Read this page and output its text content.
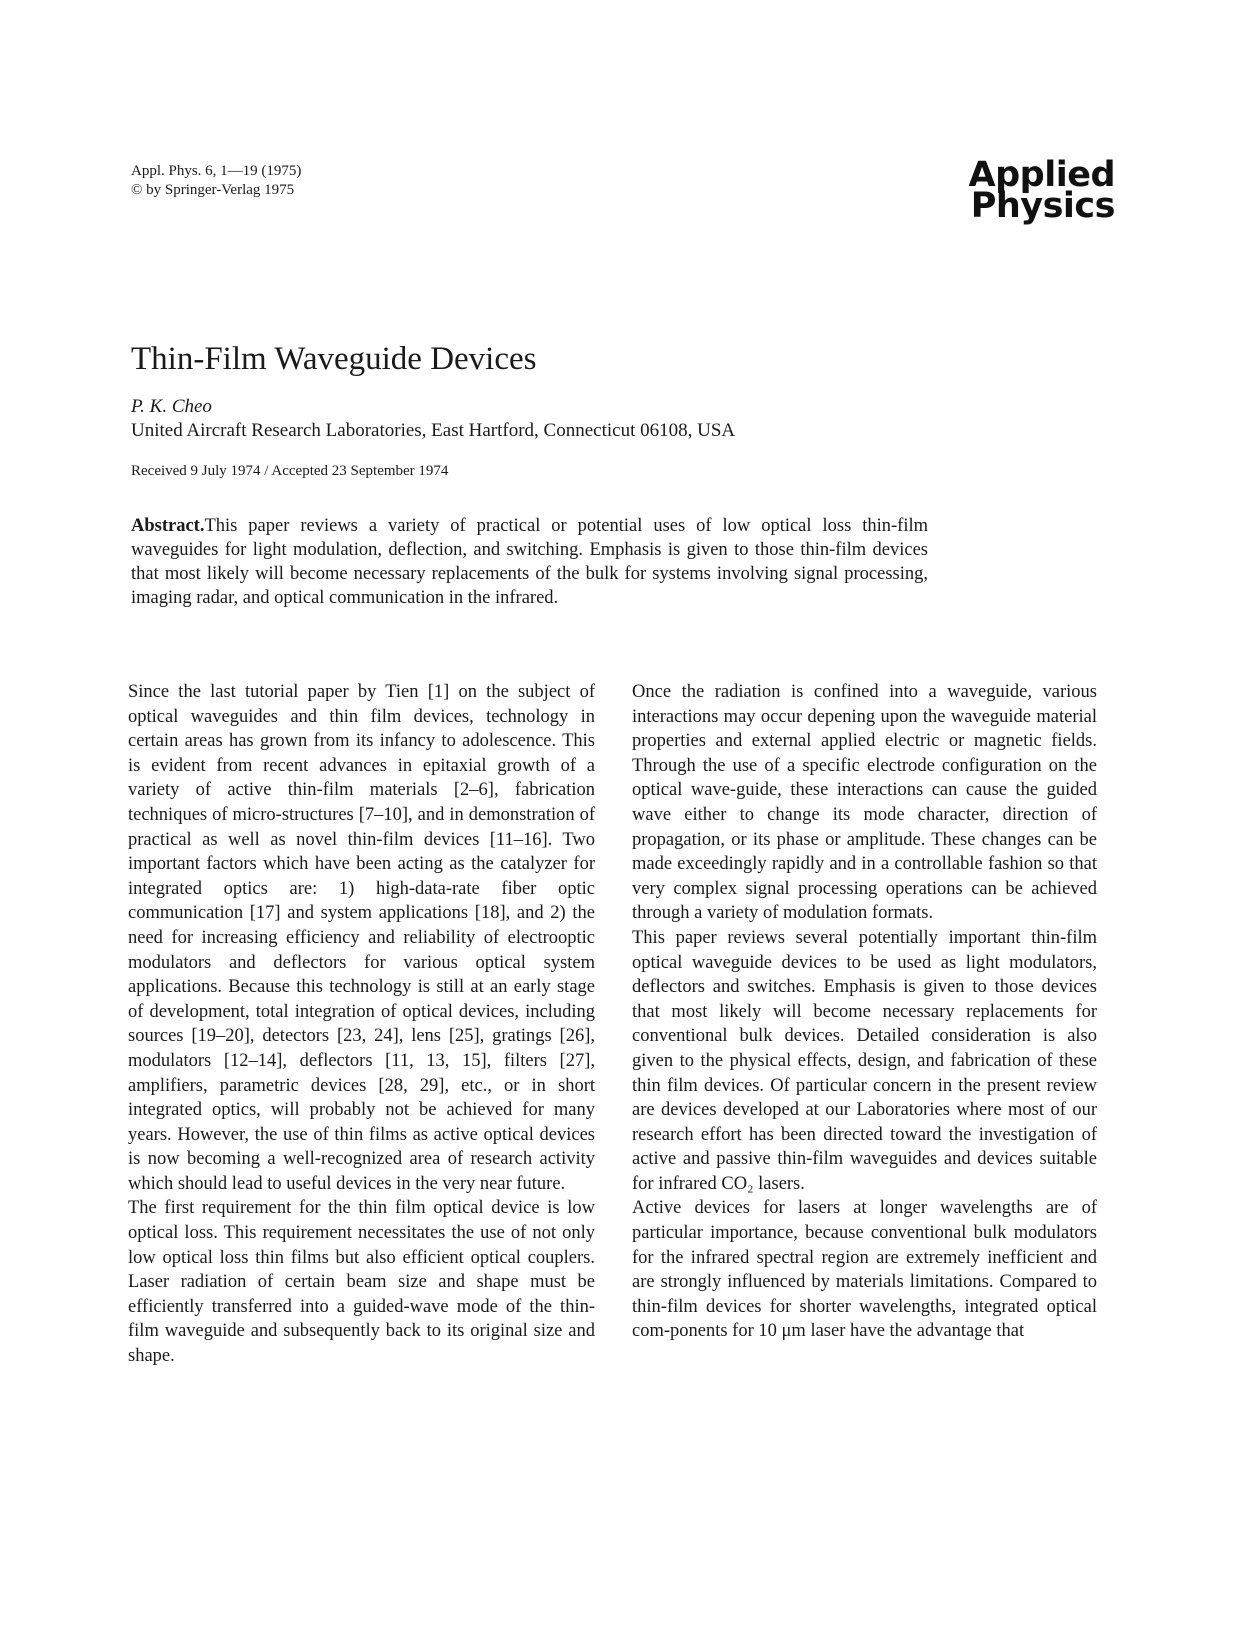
Appl. Phys. 6, 1—19 (1975)
© by Springer-Verlag 1975	Applied
Physics
Thin-Film Waveguide Devices
P. K. Cheo
United Aircraft Research Laboratories, East Hartford, Connecticut 06108, USA
Received 9 July 1974 / Accepted 23 September 1974

Abstract.This paper reviews a variety of practical or potential uses of low optical loss thin-film waveguides for light modulation, deflection, and switching. Emphasis is given to those thin-film devices that most likely will become necessary replacements of the bulk for systems involving signal processing, imaging radar, and optical communication in the infrared.

Since the last tutorial paper by Tien [1] on the subject of optical waveguides and thin film devices, technology in certain areas has grown from its infancy to adolescence. This is evident from recent advances in epitaxial growth of a variety of active thin-film materials [2–6], fabrication techniques of micro-structures [7–10], and in demonstration of practical as well as novel thin-film devices [11–16]. Two important factors which have been acting as the catalyzer for integrated optics are: 1) high-data-rate fiber optic communication [17] and system applications [18], and 2) the need for increasing efficiency and reliability of electrooptic modulators and deflectors for various optical system applications. Because this technology is still at an early stage of development, total integration of optical devices, including sources [19–20], detectors [23, 24], lens [25], gratings [26], modulators [12–14], deflectors [11, 13, 15], filters [27], amplifiers, parametric devices [28, 29], etc., or in short integrated optics, will probably not be achieved for many years. However, the use of thin films as active optical devices is now becoming a well-recognized area of research activity which should lead to useful devices in the very near future.

The first requirement for the thin film optical device is low optical loss. This requirement necessitates the use of not only low optical loss thin films but also efficient optical couplers. Laser radiation of certain beam size and shape must be efficiently transferred into a guided-wave mode of the thin-film waveguide and subsequently back to its original size and shape.

Once the radiation is confined into a waveguide, various interactions may occur depening upon the waveguide material properties and external applied electric or magnetic fields. Through the use of a specific electrode configuration on the optical wave-guide, these interactions can cause the guided wave either to change its mode character, direction of propagation, or its phase or amplitude. These changes can be made exceedingly rapidly and in a controllable fashion so that very complex signal processing operations can be achieved through a variety of modulation formats.

This paper reviews several potentially important thin-film optical waveguide devices to be used as light modulators, deflectors and switches. Emphasis is given to those devices that most likely will become necessary replacements for conventional bulk devices. Detailed consideration is also given to the physical effects, design, and fabrication of these thin film devices. Of particular concern in the present review are devices developed at our Laboratories where most of our research effort has been directed toward the investigation of active and passive thin-film waveguides and devices suitable for infrared CO₂ lasers.

Active devices for lasers at longer wavelengths are of particular importance, because conventional bulk modulators for the infrared spectral region are extremely inefficient and are strongly influenced by materials limitations. Compared to thin-film devices for shorter wavelengths, integrated optical com-ponents for 10 μm laser have the advantage that
